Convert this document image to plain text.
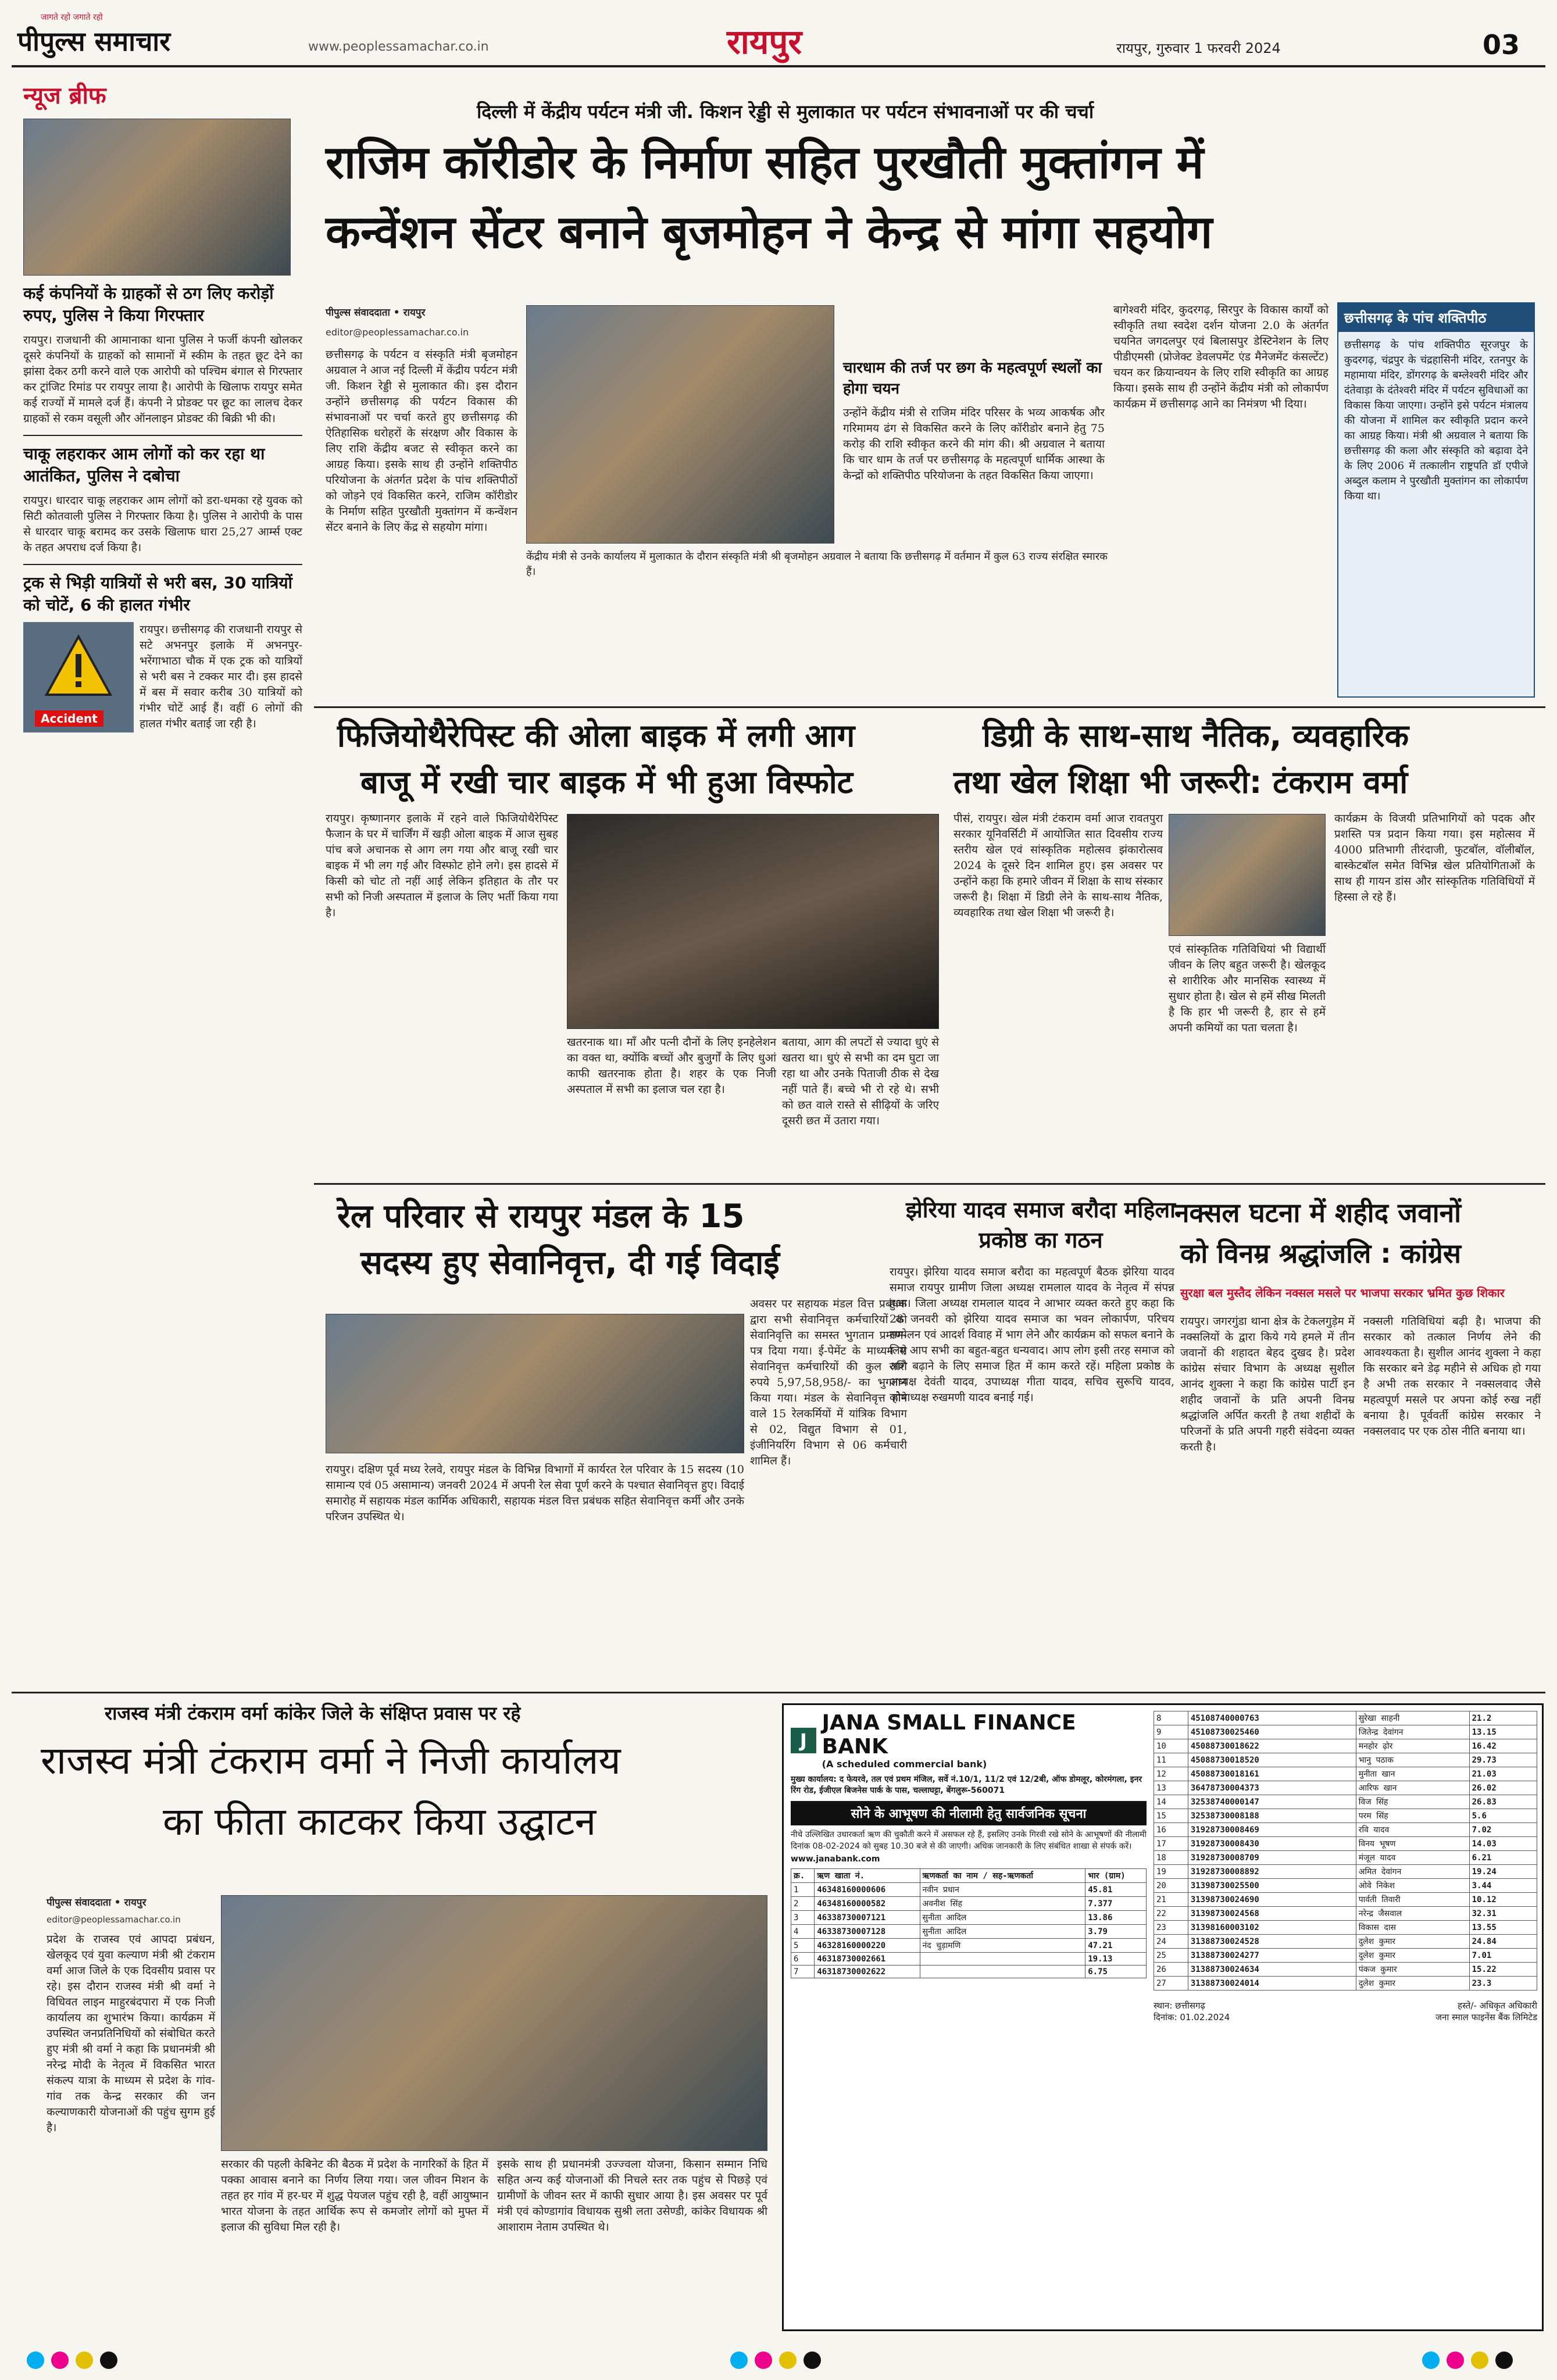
जागते रहो जगाते रहो
पीपुल्स समाचार	www.peoplessamachar.co.in	रायपुर	रायपुर, गुरुवार 1 फरवरी 2024	03
न्यूज ब्रीफ
कई कंपनियों के ग्राहकों से ठग लिए करोड़ों रुपए, पुलिस ने किया गिरफ्तार
रायपुर। राजधानी की आमानाका थाना पुलिस ने फर्जी कंपनी खोलकर दूसरे कंपनियों के ग्राहकों को सामानों में स्कीम के तहत छूट देने का झांसा देकर ठगी करने वाले एक आरोपी को पश्चिम बंगाल से गिरफ्तार कर ट्रांजिट रिमांड पर रायपुर लाया है। आरोपी के खिलाफ रायपुर समेत कई राज्यों में मामले दर्ज हैं। कंपनी ने प्रोडक्ट पर छूट का लालच देकर ग्राहकों से रकम वसूली और ऑनलाइन प्रोडक्ट की बिक्री भी की।
चाकू लहराकर आम लोगों को कर रहा था आतंकित, पुलिस ने दबोचा
रायपुर। धारदार चाकू लहराकर आम लोगों को डरा-धमका रहे युवक को सिटी कोतवाली पुलिस ने गिरफ्तार किया है। पुलिस ने आरोपी के पास से धारदार चाकू बरामद कर उसके खिलाफ धारा 25,27 आर्म्स एक्ट के तहत अपराध दर्ज किया है।
ट्रक से भिड़ी यात्रियों से भरी बस, 30 यात्रियों को चोटें, 6 की हालत गंभीर
Accident
रायपुर। छत्तीसगढ़ की राजधानी रायपुर से सटे अभनपुर इलाके में अभनपुर-भरेंगाभाठा चौक में एक ट्रक को यात्रियों से भरी बस ने टक्कर मार दी। इस हादसे में बस में सवार करीब 30 यात्रियों को गंभीर चोटें आई हैं। वहीं 6 लोगों की हालत गंभीर बताई जा रही है।
दिल्ली में केंद्रीय पर्यटन मंत्री जी. किशन रेड्डी से मुलाकात पर पर्यटन संभावनाओं पर की चर्चा
राजिम कॉरीडोर के निर्माण सहित पुरखौती मुक्तांगन में
कन्वेंशन सेंटर बनाने बृजमोहन ने केन्द्र से मांगा सहयोग
पीपुल्स संवाददाता • रायपुर
editor@peoplessamachar.co.in
छत्तीसगढ़ के पर्यटन व संस्कृति मंत्री बृजमोहन अग्रवाल ने आज नई दिल्ली में केंद्रीय पर्यटन मंत्री जी. किशन रेड्डी से मुलाकात की। इस दौरान उन्होंने छत्तीसगढ़ की पर्यटन विकास की संभावनाओं पर चर्चा करते हुए छत्तीसगढ़ की ऐतिहासिक धरोहरों के संरक्षण और विकास के लिए राशि केंद्रीय बजट से स्वीकृत करने का आग्रह किया। इसके साथ ही उन्होंने शक्तिपीठ परियोजना के अंतर्गत प्रदेश के पांच शक्तिपीठों को जोड़ने एवं विकसित करने, राजिम कॉरीडोर के निर्माण सहित पुरखौती मुक्तांगन में कन्वेंशन सेंटर बनाने के लिए केंद्र से सहयोग मांगा।
केंद्रीय मंत्री से उनके कार्यालय में मुलाकात के दौरान संस्कृति मंत्री श्री बृजमोहन अग्रवाल ने बताया कि छत्तीसगढ़ में वर्तमान में कुल 63 राज्य संरक्षित स्मारक हैं।
चारधाम की तर्ज पर छग के महत्वपूर्ण स्थलों का होगा चयन
उन्होंने केंद्रीय मंत्री से राजिम मंदिर परिसर के भव्य आकर्षक और गरिमामय ढंग से विकसित करने के लिए कॉरीडोर बनाने हेतु 75 करोड़ की राशि स्वीकृत करने की मांग की। श्री अग्रवाल ने बताया कि चार धाम के तर्ज पर छत्तीसगढ़ के महत्वपूर्ण धार्मिक आस्था के केन्द्रों को शक्तिपीठ परियोजना के तहत विकसित किया जाएगा।
बागेश्वरी मंदिर, कुदरगढ़, सिरपुर के विकास कार्यों को स्वीकृति तथा स्वदेश दर्शन योजना 2.0 के अंतर्गत चयनित जगदलपुर एवं बिलासपुर डेस्टिनेशन के लिए पीडीएमसी (प्रोजेक्ट डेवलपमेंट एंड मैनेजमेंट कंसल्टेंट) चयन कर क्रियान्वयन के लिए राशि स्वीकृति का आग्रह किया। इसके साथ ही उन्होंने केंद्रीय मंत्री को लोकार्पण कार्यक्रम में छत्तीसगढ़ आने का निमंत्रण भी दिया।
छत्तीसगढ़ के पांच शक्तिपीठ
छत्तीसगढ़ के पांच शक्तिपीठ सूरजपुर के कुदरगढ़, चंद्रपुर के चंद्रहासिनी मंदिर, रतनपुर के महामाया मंदिर, डोंगरगढ़ के बम्लेश्वरी मंदिर और दंतेवाड़ा के दंतेश्वरी मंदिर में पर्यटन सुविधाओं का विकास किया जाएगा। उन्होंने इसे पर्यटन मंत्रालय की योजना में शामिल कर स्वीकृति प्रदान करने का आग्रह किया। मंत्री श्री अग्रवाल ने बताया कि छत्तीसगढ़ की कला और संस्कृति को बढ़ावा देने के लिए 2006 में तत्कालीन राष्ट्रपति डॉ एपीजे अब्दुल कलाम ने पुरखौती मुक्तांगन का लोकार्पण किया था।
फिजियोथैरेपिस्ट की ओला बाइक में लगी आग
बाजू में रखी चार बाइक में भी हुआ विस्फोट
रायपुर। कृष्णानगर इलाके में रहने वाले फिजियोथैरेपिस्ट फैजान के घर में चार्जिंग में खड़ी ओला बाइक में आज सुबह पांच बजे अचानक से आग लग गया और बाजू रखी चार बाइक में भी लग गई और विस्फोट होने लगे। इस हादसे में किसी को चोट तो नहीं आई लेकिन इतिहात के तौर पर सभी को निजी अस्पताल में इलाज के लिए भर्ती किया गया है।
खतरनाक था। माँ और पत्नी दौनों के लिए इनहेलेशन का वक्त था, क्योंकि बच्चों और बुजुर्गों के लिए धुआं काफी खतरनाक होता है। शहर के एक निजी अस्पताल में सभी का इलाज चल रहा है।
बताया, आग की लपटों से ज्यादा धुएं से खतरा था। धुएं से सभी का दम घुटा जा रहा था और उनके पिताजी ठीक से देख नहीं पाते हैं। बच्चे भी रो रहे थे। सभी को छत वाले रास्ते से सीढ़ियों के जरिए दूसरी छत में उतारा गया।
डिग्री के साथ-साथ नैतिक, व्यवहारिक
तथा खेल शिक्षा भी जरूरी: टंकराम वर्मा
पीसं, रायपुर। खेल मंत्री टंकराम वर्मा आज रावतपुरा सरकार यूनिवर्सिटी में आयोजित सात दिवसीय राज्य स्तरीय खेल एवं सांस्कृतिक महोत्सव झंकारोत्सव 2024 के दूसरे दिन शामिल हुए। इस अवसर पर उन्होंने कहा कि हमारे जीवन में शिक्षा के साथ संस्कार जरूरी है। शिक्षा में डिग्री लेने के साथ-साथ नैतिक, व्यवहारिक तथा खेल शिक्षा भी जरूरी है।
एवं सांस्कृतिक गतिविधियां भी विद्यार्थी जीवन के लिए बहुत जरूरी है। खेलकूद से शारीरिक और मानसिक स्वास्थ्य में सुधार होता है। खेल से हमें सीख मिलती है कि हार भी जरूरी है, हार से हमें अपनी कमियों का पता चलता है।
कार्यक्रम के विजयी प्रतिभागियों को पदक और प्रशस्ति पत्र प्रदान किया गया। इस महोत्सव में 4000 प्रतिभागी तीरंदाजी, फुटबॉल, वॉलीबॉल, बास्केटबॉल समेत विभिन्न खेल प्रतियोगिताओं के साथ ही गायन डांस और सांस्कृतिक गतिविधियों में हिस्सा ले रहे हैं।
रेल परिवार से रायपुर मंडल के 15
सदस्य हुए सेवानिवृत्त, दी गई विदाई
रायपुर। दक्षिण पूर्व मध्य रेलवे, रायपुर मंडल के विभिन्न विभागों में कार्यरत रेल परिवार के 15 सदस्य (10 सामान्य एवं 05 असामान्य) जनवरी 2024 में अपनी रेल सेवा पूर्ण करने के पश्चात सेवानिवृत्त हुए। विदाई समारोह में सहायक मंडल कार्मिक अधिकारी, सहायक मंडल वित्त प्रबंधक सहित सेवानिवृत्त कर्मी और उनके परिजन उपस्थित थे।
अवसर पर सहायक मंडल वित्त प्रबंधक द्वारा सभी सेवानिवृत्त कर्मचारियों को सेवानिवृत्ति का समस्त भुगतान प्रमाण-पत्र दिया गया। ई-पेमेंट के माध्यम से सेवानिवृत्त कर्मचारियों की कुल राशि रुपये 5,97,58,958/- का भुगतान किया गया। मंडल के सेवानिवृत्त होने वाले 15 रेलकर्मियों में यांत्रिक विभाग से 02, विद्युत विभाग से 01, इंजीनियरिंग विभाग से 06 कर्मचारी शामिल हैं।
झेरिया यादव समाज बरौदा महिला प्रकोष्ठ का गठन
रायपुर। झेरिया यादव समाज बरौदा का महत्वपूर्ण बैठक झेरिया यादव समाज रायपुर ग्रामीण जिला अध्यक्ष रामलाल यादव के नेतृत्व में संपन्न हुआ। जिला अध्यक्ष रामलाल यादव ने आभार व्यक्त करते हुए कहा कि 28 जनवरी को झेरिया यादव समाज का भवन लोकार्पण, परिचय सम्मेलन एवं आदर्श विवाह में भाग लेने और कार्यक्रम को सफल बनाने के लिए आप सभी का बहुत-बहुत धन्यवाद। आप लोग इसी तरह समाज को आगे बढ़ाने के लिए समाज हित में काम करते रहें। महिला प्रकोष्ठ के अध्यक्ष देवंती यादव, उपाध्यक्ष गीता यादव, सचिव सुरूचि यादव, कोषाध्यक्ष रुखमणी यादव बनाई गई।
नक्सल घटना में शहीद जवानों
को विनम्र श्रद्धांजलि : कांग्रेस
सुरक्षा बल मुस्तैद लेकिन नक्सल मसले पर भाजपा सरकार भ्रमित कुछ शिकार
रायपुर। जगरगुंडा थाना क्षेत्र के टेकलगुड़ेम में नक्सलियों के द्वारा किये गये हमले में तीन जवानों की शहादत बेहद दुखद है। प्रदेश कांग्रेस संचार विभाग के अध्यक्ष सुशील आनंद शुक्ला ने कहा कि कांग्रेस पार्टी इन शहीद जवानों के प्रति अपनी विनम्र श्रद्धांजलि अर्पित करती है तथा शहीदों के परिजनों के प्रति अपनी गहरी संवेदना व्यक्त करती है।
नक्सली गतिविधियां बढ़ी है। भाजपा की सरकार को तत्काल निर्णय लेने की आवश्यकता है। सुशील आनंद शुक्ला ने कहा कि सरकार बने डेढ़ महीने से अधिक हो गया है अभी तक सरकार ने नक्सलवाद जैसे महत्वपूर्ण मसले पर अपना कोई रुख नहीं बनाया है। पूर्ववर्ती कांग्रेस सरकार ने नक्सलवाद पर एक ठोस नीति बनाया था।
राजस्व मंत्री टंकराम वर्मा कांकेर जिले के संक्षिप्त प्रवास पर रहे
राजस्व मंत्री टंकराम वर्मा ने निजी कार्यालय
का फीता काटकर किया उद्घाटन
पीपुल्स संवाददाता • रायपुर
editor@peoplessamachar.co.in
प्रदेश के राजस्व एवं आपदा प्रबंधन, खेलकूद एवं युवा कल्याण मंत्री श्री टंकराम वर्मा आज जिले के एक दिवसीय प्रवास पर रहे। इस दौरान राजस्व मंत्री श्री वर्मा ने विधिवत लाइन माहुरबंदपारा में एक निजी कार्यालय का शुभारंभ किया। कार्यक्रम में उपस्थित जनप्रतिनिधियों को संबोधित करते हुए मंत्री श्री वर्मा ने कहा कि प्रधानमंत्री श्री नरेन्द्र मोदी के नेतृत्व में विकसित भारत संकल्प यात्रा के माध्यम से प्रदेश के गांव-गांव तक केन्द्र सरकार की जन कल्याणकारी योजनाओं की पहुंच सुगम हुई है।
सरकार की पहली केबिनेट की बैठक में प्रदेश के नागरिकों के हित में पक्का आवास बनाने का निर्णय लिया गया। जल जीवन मिशन के तहत हर गांव में हर-घर में शुद्ध पेयजल पहुंच रही है, वहीं आयुष्मान भारत योजना के तहत आर्थिक रूप से कमजोर लोगों को मुफ्त में इलाज की सुविधा मिल रही है।
इसके साथ ही प्रधानमंत्री उज्ज्वला योजना, किसान सम्मान निधि सहित अन्य कई योजनाओं की निचले स्तर तक पहुंच से पिछड़े एवं ग्रामीणों के जीवन स्तर में काफी सुधार आया है। इस अवसर पर पूर्व मंत्री एवं कोण्डागांव विधायक सुश्री लता उसेण्डी, कांकेर विधायक श्री आशाराम नेताम उपस्थित थे।
J
JANA SMALL FINANCE BANK
(A scheduled commercial bank)
मुख्य कार्यालय: द फेयरवे, तल एवं प्रथम मंजिल, सर्वे नं.10/1, 11/2 एवं 12/2बी, ऑफ डोमलूर, कोरमंगला, इनर रिंग रोड, ईजीएल बिजनेस पार्क के पास, चल्लाघट्टा, बेंगलुरू-560071
सोने के आभूषण की नीलामी हेतु सार्वजनिक सूचना
नीचे उल्लिखित उधारकर्ता ऋण की चुकौती करने में असफल रहे हैं, इसलिए उनके गिरवी रखे सोने के आभूषणों की नीलामी दिनांक 08-02-2024 को सुबह 10.30 बजे से की जाएगी। अधिक जानकारी के लिए संबंधित शाखा से संपर्क करें।
www.janabank.com
क्र.	ऋण खाता नं.	ऋणकर्ता का नाम / सह-ऋणकर्ता	भार (ग्राम)
1	46348160000606	नवीन प्रधान	45.81
2	46348160000582	अवनीश सिंह	7.377
3	46338730007121	सुनीता आदिल	13.86
4	46338730007128	सुनीता आदिल	3.79
5	46328160000220	नंद चुड़ामणि	47.21
6	46318730002661		19.13
7	46318730002622		6.75
8	45108740000763	सुरेखा साहनी	21.2
9	45108730025460	जितेन्द्र देवांगन	13.15
10	45088730018622	मनहोर ढ़ोर	16.42
11	45088730018520	भानु पठाक	29.73
12	45088730018161	मुनीता खान	21.03
13	36478730004373	आरिफ खान	26.02
14	32538740000147	विज सिंह	26.83
15	32538730008188	परम सिंह	5.6
16	31928730008469	रवि यादव	7.02
17	31928730008430	विनय भूषण	14.03
18	31928730008709	मंजूल यादव	6.21
19	31928730008892	अमित देवांगन	19.24
20	31398730025500	ओवे निकेश	3.44
21	31398730024690	पार्वती तिवारी	10.12
22	31398730024568	नरेन्द्र जैसवाल	32.31
23	31398160003102	विकास दास	13.55
24	31388730024528	दुलेश कुमार	24.84
25	31388730024277	दुलेश कुमार	7.01
26	31388730024634	पंकज कुमार	15.22
27	31388730024014	दुलेश कुमार	23.3
स्थान: छत्तीसगढ़
दिनांक: 01.02.2024
हस्ते/- अधिकृत अधिकारी
जना स्माल फाइनेंस बैंक लिमिटेड
